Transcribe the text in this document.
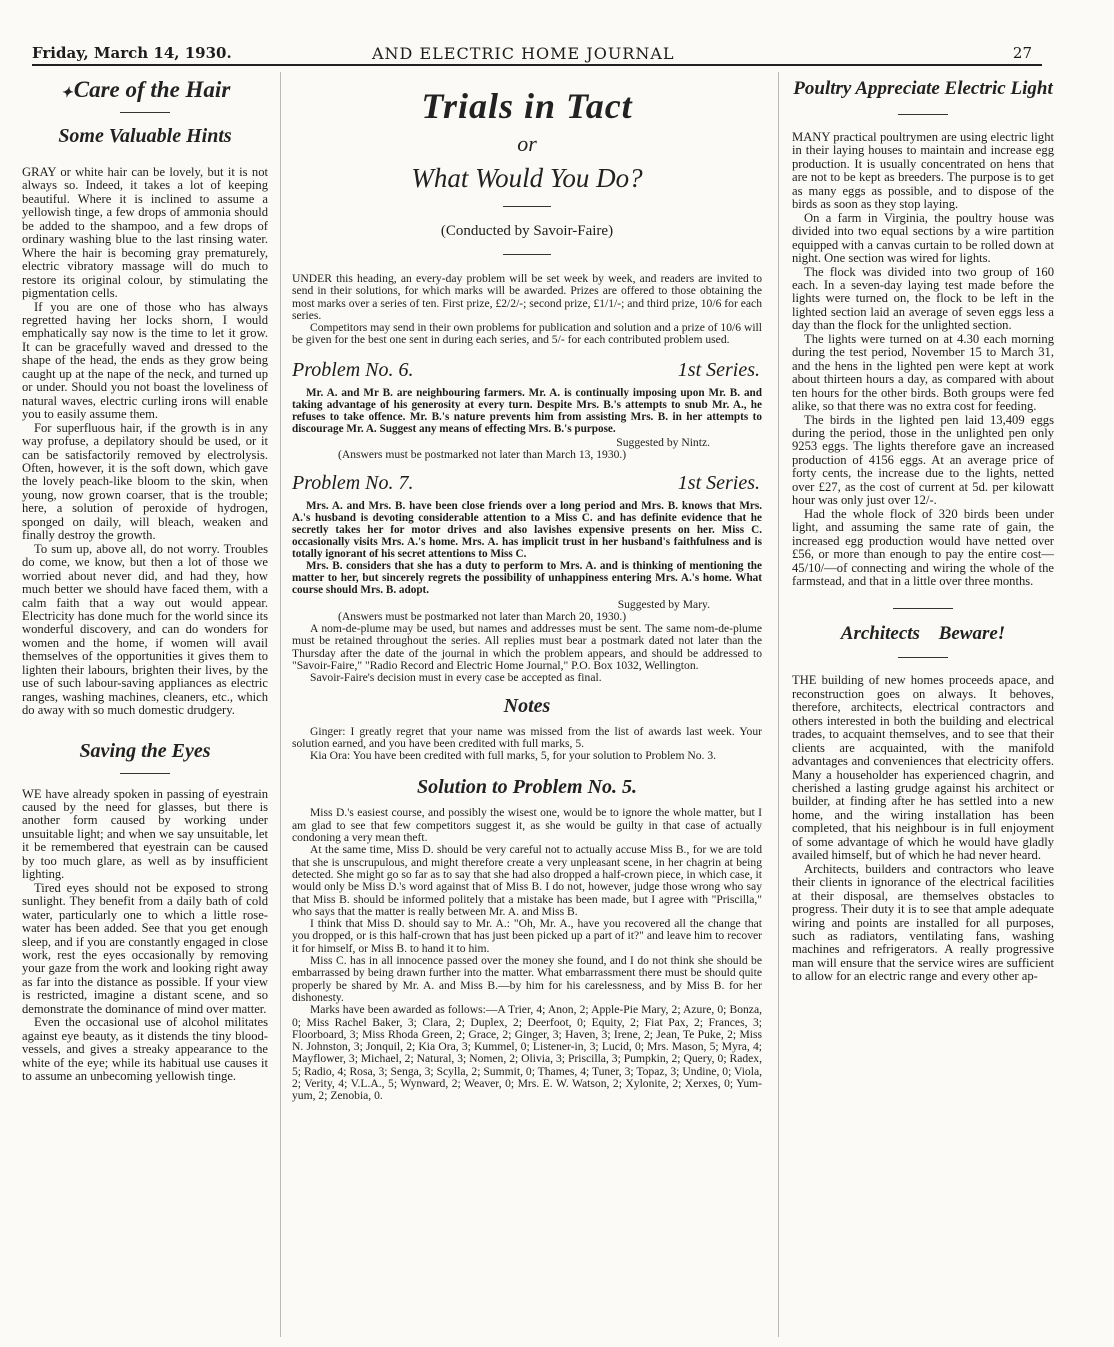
Friday, March 14, 1930.	AND ELECTRIC HOME JOURNAL	27
✦Care of the Hair
Some Valuable Hints

GRAY or white hair can be lovely, but it is not always so. Indeed, it takes a lot of keeping beautiful. Where it is inclined to assume a yellowish tinge, a few drops of ammonia should be added to the shampoo, and a few drops of ordinary washing blue to the last rinsing water. Where the hair is becoming gray prematurely, electric vibratory massage will do much to restore its original colour, by stimulating the pigmentation cells.

If you are one of those who has always regretted having her locks shorn, I would emphatically say now is the time to let it grow. It can be gracefully waved and dressed to the shape of the head, the ends as they grow being caught up at the nape of the neck, and turned up or under. Should you not boast the loveliness of natural waves, electric curling irons will enable you to easily assume them.

For superfluous hair, if the growth is in any way profuse, a depilatory should be used, or it can be satisfactorily removed by electrolysis. Often, however, it is the soft down, which gave the lovely peach-like bloom to the skin, when young, now grown coarser, that is the trouble; here, a solution of peroxide of hydrogen, sponged on daily, will bleach, weaken and finally destroy the growth.

To sum up, above all, do not worry. Troubles do come, we know, but then a lot of those we worried about never did, and had they, how much better we should have faced them, with a calm faith that a way out would appear. Electricity has done much for the world since its wonderful discovery, and can do wonders for women and the home, if women will avail themselves of the opportunities it gives them to lighten their labours, brighten their lives, by the use of such labour-saving appliances as electric ranges, washing machines, cleaners, etc., which do away with so much domestic drudgery.

Saving the Eyes

WE have already spoken in passing of eyestrain caused by the need for glasses, but there is another form caused by working under unsuitable light; and when we say unsuitable, let it be remembered that eyestrain can be caused by too much glare, as well as by insufficient lighting.

Tired eyes should not be exposed to strong sunlight. They benefit from a daily bath of cold water, particularly one to which a little rose-water has been added. See that you get enough sleep, and if you are constantly engaged in close work, rest the eyes occasionally by removing your gaze from the work and looking right away as far into the distance as possible. If your view is restricted, imagine a distant scene, and so demonstrate the dominance of mind over matter.

Even the occasional use of alcohol militates against eye beauty, as it distends the tiny blood-vessels, and gives a streaky appearance to the white of the eye; while its habitual use causes it to assume an unbecoming yellowish tinge.

Trials in Tact
or
What Would You Do?
(Conducted by Savoir-Faire)

UNDER this heading, an every-day problem will be set week by week, and readers are invited to send in their solutions, for which marks will be awarded. Prizes are offered to those obtaining the most marks over a series of ten. First prize, £2/2/-; second prize, £1/1/-; and third prize, 10/6 for each series.

Competitors may send in their own problems for publication and solution and a prize of 10/6 will be given for the best one sent in during each series, and 5/- for each contributed problem used.

Problem No. 6.	1st Series.

Mr. A. and Mr B. are neighbouring farmers. Mr. A. is continually imposing upon Mr. B. and taking advantage of his generosity at every turn. Despite Mrs. B.'s attempts to snub Mr. A., he refuses to take offence. Mr. B.'s nature prevents him from assisting Mrs. B. in her attempts to discourage Mr. A. Suggest any means of effecting Mrs. B.'s purpose.

Suggested by Nintz.
(Answers must be postmarked not later than March 13, 1930.)
Problem No. 7.	1st Series.

Mrs. A. and Mrs. B. have been close friends over a long period and Mrs. B. knows that Mrs. A.'s husband is devoting considerable attention to a Miss C. and has definite evidence that he secretly takes her for motor drives and also lavishes expensive presents on her. Miss C. occasionally visits Mrs. A.'s home. Mrs. A. has implicit trust in her husband's faithfulness and is totally ignorant of his secret attentions to Miss C.

Mrs. B. considers that she has a duty to perform to Mrs. A. and is thinking of mentioning the matter to her, but sincerely regrets the possibility of unhappiness entering Mrs. A.'s home. What course should Mrs. B. adopt.

Suggested by Mary.
(Answers must be postmarked not later than March 20, 1930.)

A nom-de-plume may be used, but names and addresses must be sent. The same nom-de-plume must be retained throughout the series. All replies must bear a postmark dated not later than the Thursday after the date of the journal in which the problem appears, and should be addressed to "Savoir-Faire," "Radio Record and Electric Home Journal," P.O. Box 1032, Wellington.

Savoir-Faire's decision must in every case be accepted as final.

Notes

Ginger: I greatly regret that your name was missed from the list of awards last week. Your solution earned, and you have been credited with full marks, 5.

Kia Ora: You have been credited with full marks, 5, for your solution to Problem No. 3.

Solution to Problem No. 5.

Miss D.'s easiest course, and possibly the wisest one, would be to ignore the whole matter, but I am glad to see that few competitors suggest it, as she would be guilty in that case of actually condoning a very mean theft.

At the same time, Miss D. should be very careful not to actually accuse Miss B., for we are told that she is unscrupulous, and might therefore create a very unpleasant scene, in her chagrin at being detected. She might go so far as to say that she had also dropped a half-crown piece, in which case, it would only be Miss D.'s word against that of Miss B. I do not, however, judge those wrong who say that Miss B. should be informed politely that a mistake has been made, but I agree with "Priscilla," who says that the matter is really between Mr. A. and Miss B.

I think that Miss D. should say to Mr. A.: "Oh, Mr. A., have you recovered all the change that you dropped, or is this half-crown that has just been picked up a part of it?" and leave him to recover it for himself, or Miss B. to hand it to him.

Miss C. has in all innocence passed over the money she found, and I do not think she should be embarrassed by being drawn further into the matter. What embarrassment there must be should quite properly be shared by Mr. A. and Miss B.—by him for his carelessness, and by Miss B. for her dishonesty.

Marks have been awarded as follows:—A Trier, 4; Anon, 2; Apple-Pie Mary, 2; Azure, 0; Bonza, 0; Miss Rachel Baker, 3; Clara, 2; Duplex, 2; Deerfoot, 0; Equity, 2; Fiat Pax, 2; Frances, 3; Floorboard, 3; Miss Rhoda Green, 2; Grace, 2; Ginger, 3; Haven, 3; Irene, 2; Jean, Te Puke, 2; Miss N. Johnston, 3; Jonquil, 2; Kia Ora, 3; Kummel, 0; Listener-in, 3; Lucid, 0; Mrs. Mason, 5; Myra, 4; Mayflower, 3; Michael, 2; Natural, 3; Nomen, 2; Olivia, 3; Priscilla, 3; Pumpkin, 2; Query, 0; Radex, 5; Radio, 4; Rosa, 3; Senga, 3; Scylla, 2; Summit, 0; Thames, 4; Tuner, 3; Topaz, 3; Undine, 0; Viola, 2; Verity, 4; V.L.A., 5; Wynward, 2; Weaver, 0; Mrs. E. W. Watson, 2; Xylonite, 2; Xerxes, 0; Yum-yum, 2; Zenobia, 0.

Poultry Appreciate Electric Light

MANY practical poultrymen are using electric light in their laying houses to maintain and increase egg production. It is usually concentrated on hens that are not to be kept as breeders. The purpose is to get as many eggs as possible, and to dispose of the birds as soon as they stop laying.

On a farm in Virginia, the poultry house was divided into two equal sections by a wire partition equipped with a canvas curtain to be rolled down at night. One section was wired for lights.

The flock was divided into two group of 160 each. In a seven-day laying test made before the lights were turned on, the flock to be left in the lighted section laid an average of seven eggs less a day than the flock for the unlighted section.

The lights were turned on at 4.30 each morning during the test period, November 15 to March 31, and the hens in the lighted pen were kept at work about thirteen hours a day, as compared with about ten hours for the other birds. Both groups were fed alike, so that there was no extra cost for feeding.

The birds in the lighted pen laid 13,409 eggs during the period, those in the unlighted pen only 9253 eggs. The lights therefore gave an increased production of 4156 eggs. At an average price of forty cents, the increase due to the lights, netted over £27, as the cost of current at 5d. per kilowatt hour was only just over 12/-.

Had the whole flock of 320 birds been under light, and assuming the same rate of gain, the increased egg production would have netted over £56, or more than enough to pay the entire cost—45/10/—of connecting and wiring the whole of the farmstead, and that in a little over three months.

Architects Beware!

THE building of new homes proceeds apace, and reconstruction goes on always. It behoves, therefore, architects, electrical contractors and others interested in both the building and electrical trades, to acquaint themselves, and to see that their clients are acquainted, with the manifold advantages and conveniences that electricity offers. Many a householder has experienced chagrin, and cherished a lasting grudge against his architect or builder, at finding after he has settled into a new home, and the wiring installation has been completed, that his neighbour is in full enjoyment of some advantage of which he would have gladly availed himself, but of which he had never heard.

Architects, builders and contractors who leave their clients in ignorance of the electrical facilities at their disposal, are themselves obstacles to progress. Their duty it is to see that ample adequate wiring and points are installed for all purposes, such as radiators, ventilating fans, washing machines and refrigerators. A really progressive man will ensure that the service wires are sufficient to allow for an electric range and every other ap-
